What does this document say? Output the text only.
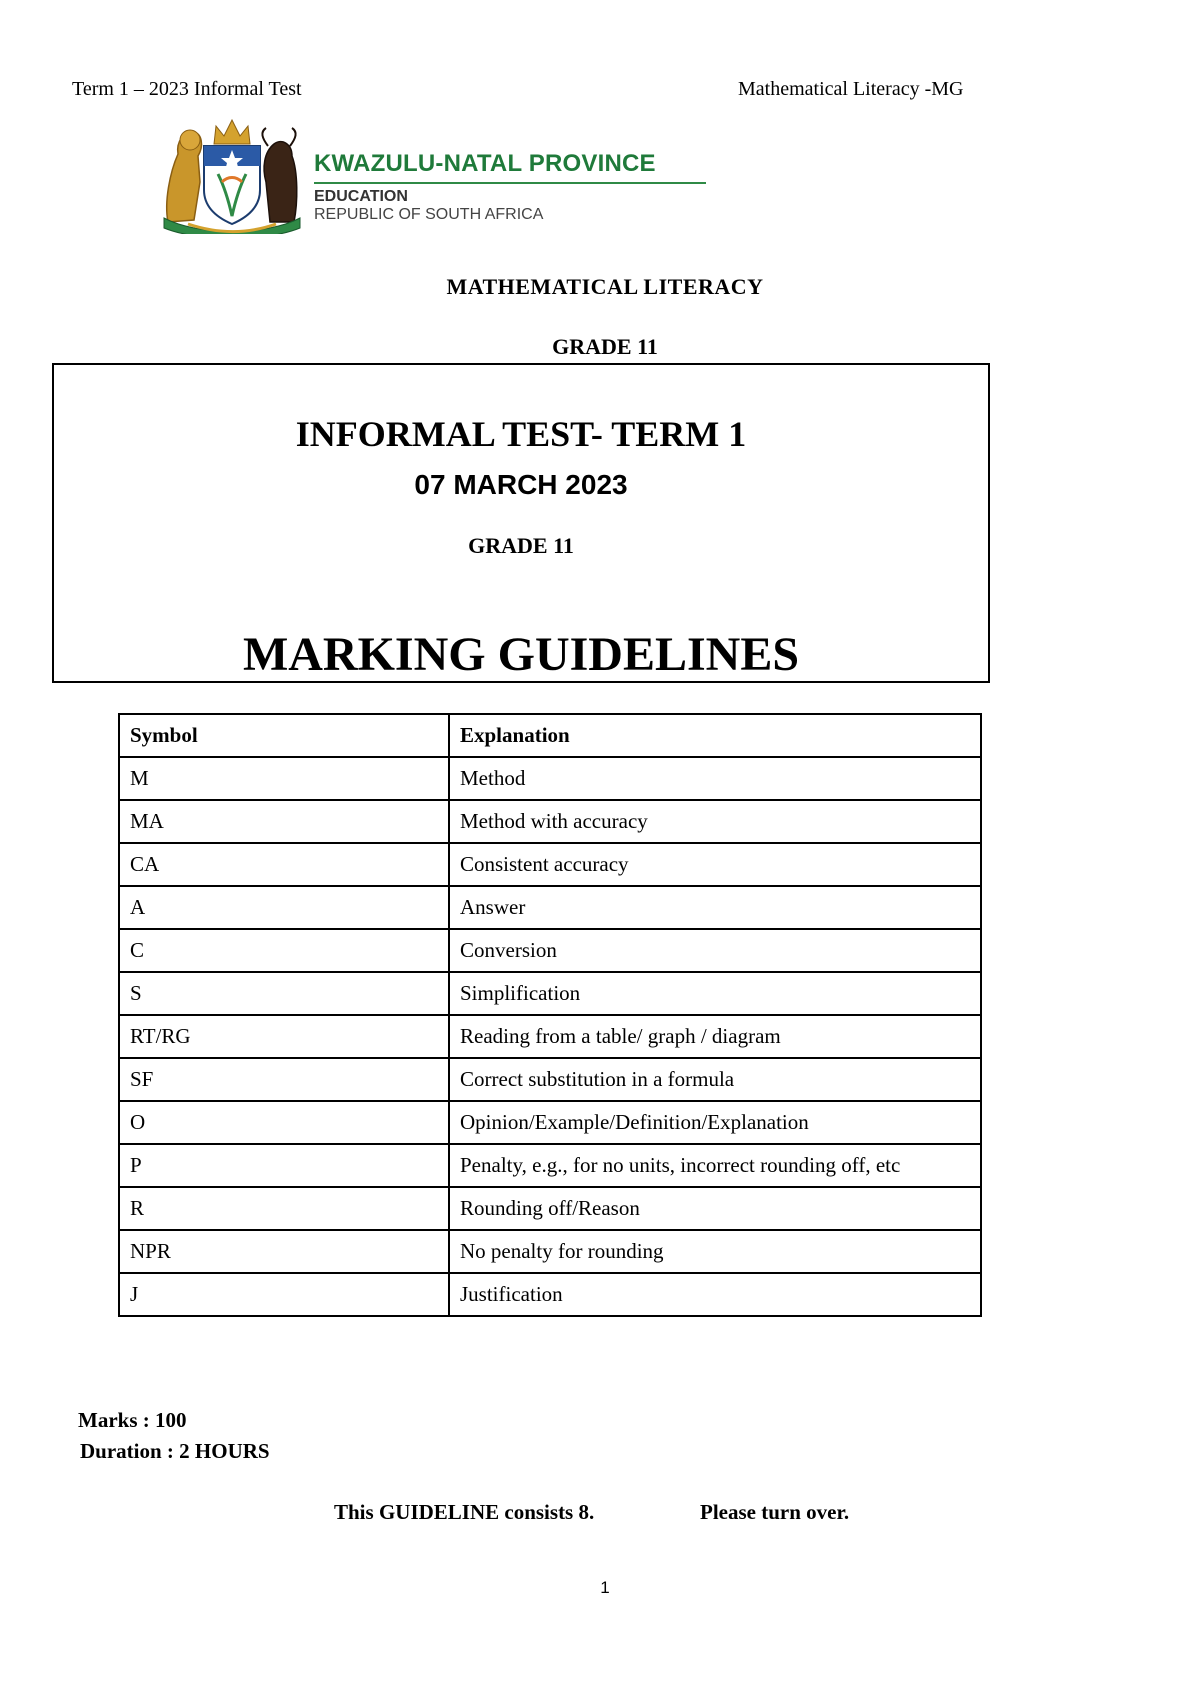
Term 1 – 2023 Informal Test	Mathematical Literacy -MG
KWAZULU-NATAL PROVINCE
EDUCATION
REPUBLIC OF SOUTH AFRICA
MATHEMATICAL LITERACY
GRADE 11
INFORMAL TEST- TERM 1
07 MARCH 2023
GRADE 11
MARKING GUIDELINES
Symbol	Explanation
M	Method
MA	Method with accuracy
CA	Consistent accuracy
A	Answer
C	Conversion
S	Simplification
RT/RG	Reading from a table/ graph / diagram
SF	Correct substitution in a formula
O	Opinion/Example/Definition/Explanation
P	Penalty, e.g., for no units, incorrect rounding off, etc
R	Rounding off/Reason
NPR	No penalty for rounding
J	Justification
Marks : 100
Duration : 2 HOURS
This GUIDELINE consists 8.	Please turn over.
1
